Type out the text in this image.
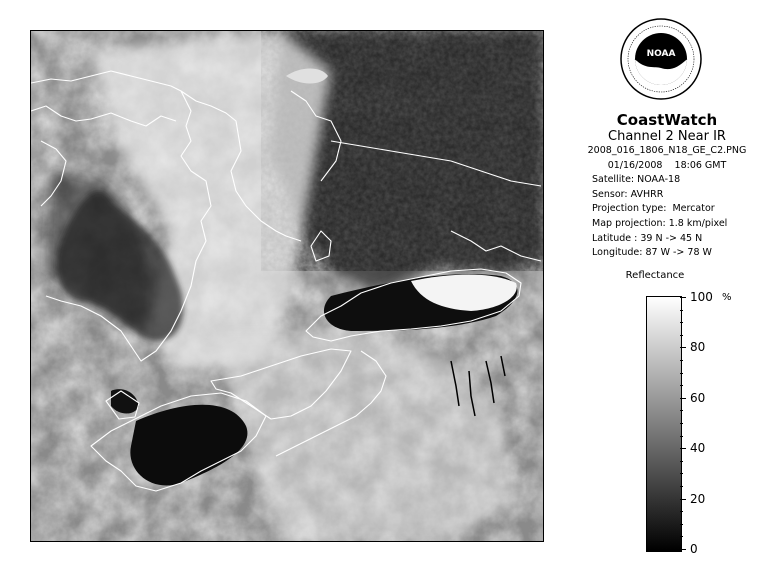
NOAA
CoastWatch
Channel 2 Near IR
2008_016_1806_N18_GE_C2.PNG
01/16/2008    18:06 GMT
Satellite: NOAA-18
Sensor: AVHRR
Projection type:  Mercator
Map projection: 1.8 km/pixel
Latitude : 39 N -> 45 N
Longitude: 87 W -> 78 W
Reflectance
%
100
80
60
40
20
0
